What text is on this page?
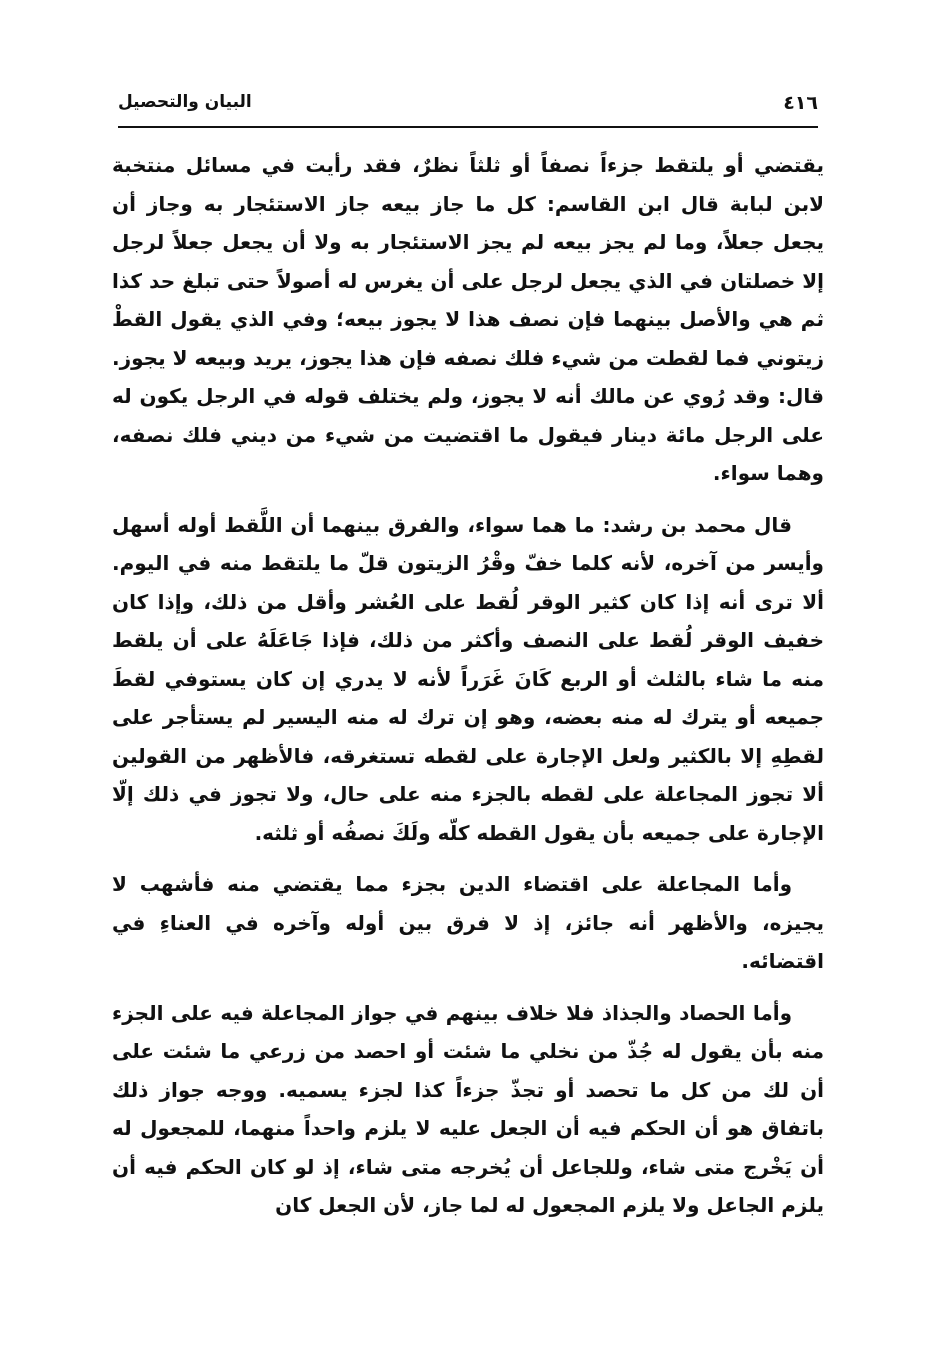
البيان والتحصيل	٤١٦

يقتضي أو يلتقط جزءاً نصفاً أو ثلثاً نظرٌ، فقد رأيت في مسائل منتخبة لابن لبابة قال ابن القاسم: كل ما جاز بيعه جاز الاستئجار به وجاز أن يجعل جعلاً، وما لم يجز بيعه لم يجز الاستئجار به ولا أن يجعل جعلاً لرجل إلا خصلتان في الذي يجعل لرجل على أن يغرس له أصولاً حتى تبلغ حد كذا ثم هي والأصل بينهما فإن نصف هذا لا يجوز بيعه؛ وفي الذي يقول القطْ زيتوني فما لقطت من شيء فلك نصفه فإن هذا يجوز، يريد وبيعه لا يجوز. قال: وقد رُوي عن مالك أنه لا يجوز، ولم يختلف قوله في الرجل يكون له على الرجل مائة دينار فيقول ما اقتضيت من شيء من ديني فلك نصفه، وهما سواء.

قال محمد بن رشد: ما هما سواء، والفرق بينهما أن اللَّقط أوله أسهل وأيسر من آخره، لأنه كلما خفّ وقْرُ الزيتون قلّ ما يلتقط منه في اليوم. ألا ترى أنه إذا كان كثير الوقر لُقط على العُشر وأقل من ذلك، وإذا كان خفيف الوقر لُقط على النصف وأكثر من ذلك، فإذا جَاعَلَهُ على أن يلقط منه ما شاء بالثلث أو الربع كَانَ غَرَراً لأنه لا يدري إن كان يستوفي لقطَ جميعه أو يترك له منه بعضه، وهو إن ترك له منه اليسير لم يستأجر على لقطِهِ إلا بالكثير ولعل الإجارة على لقطه تستغرقه، فالأظهر من القولين ألا تجوز المجاعلة على لقطه بالجزء منه على حال، ولا تجوز في ذلك إلّا الإجارة على جميعه بأن يقول القطه كلّه ولَكَ نصفُه أو ثلثه.

وأما المجاعلة على اقتضاء الدين بجزء مما يقتضي منه فأشهب لا يجيزه، والأظهر أنه جائز، إذ لا فرق بين أوله وآخره في العناءِ في اقتضائه.

وأما الحصاد والجذاذ فلا خلاف بينهم في جواز المجاعلة فيه على الجزء منه بأن يقول له جُذّ من نخلي ما شئت أو احصد من زرعي ما شئت على أن لك من كل ما تحصد أو تجذّ جزءاً كذا لجزء يسميه. ووجه جواز ذلك باتفاق هو أن الحكم فيه أن الجعل عليه لا يلزم واحداً منهما، للمجعول له أن يَخْرج متى شاء، وللجاعل أن يُخرجه متى شاء، إذ لو كان الحكم فيه أن يلزم الجاعل ولا يلزم المجعول له لما جاز، لأن الجعل كان
